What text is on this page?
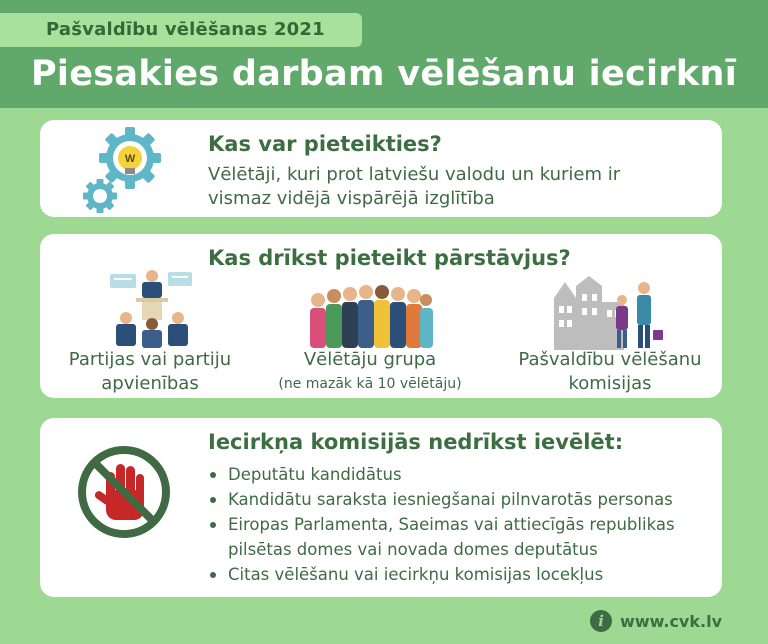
Pašvaldību vēlēšanas 2021
Piesakies darbam vēlēšanu iecirknī
W
Kas var pieteikties?
Vēlētāji, kuri prot latviešu valodu un kuriem ir
vismaz vidējā vispārējā izglītība
Kas drīkst pieteikt pārstāvjus?
Partijas vai partiju
apvienības
Vēlētāju grupa
(ne mazāk kā 10 vēlētāju)
Pašvaldību vēlēšanu
komisijas
Iecirkņa komisijās nedrīkst ievēlēt:
Deputātu kandidātus
Kandidātu saraksta iesniegšanai pilnvarotās personas
Eiropas Parlamenta, Saeimas vai attiecīgās republikas
pilsētas domes vai novada domes deputātus
Citas vēlēšanu vai iecirkņu komisijas locekļus
i	www.cvk.lv
